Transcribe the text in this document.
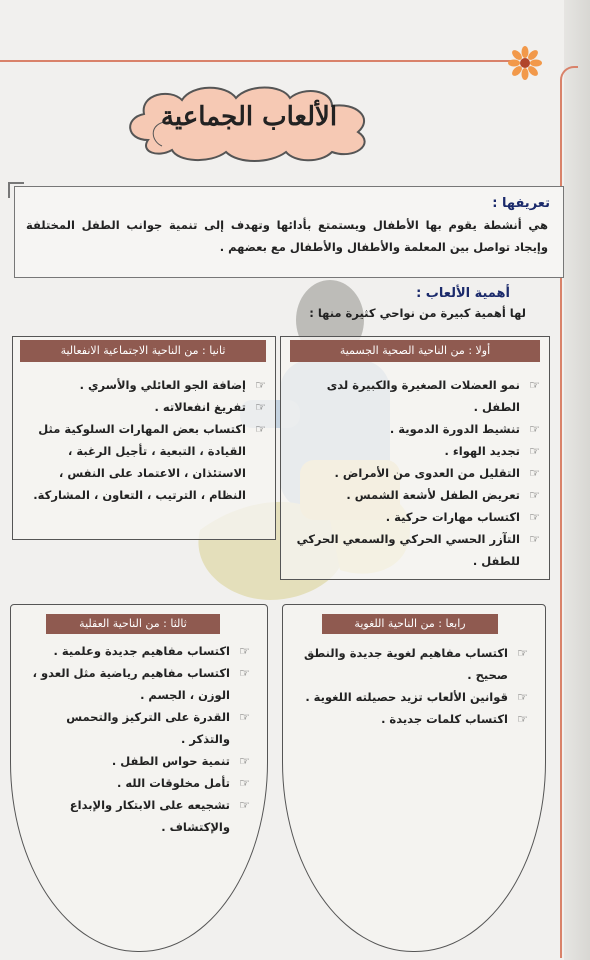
الألعاب الجماعية
تعريفها :
هي أنشطة يقوم بها الأطفال ويستمتع بأدائها وتهدف إلى تنمية جوانب الطفل المختلفة وإيجاد تواصل بين المعلمة والأطفال والأطفال مع بعضهم .
أهمية الألعاب :
لها أهمية كبيرة من نواحي كثيرة منها :
أولا : من الناحية الصحية الجسمية
☞
نمو العضلات الصغيرة والكبيرة لدى الطفل .
☞
تنشيط الدورة الدموية .
☞
تجديد الهواء .
☞
التقليل من العدوى من الأمراض .
☞
تعريض الطفل لأشعة الشمس .
☞
اكتساب مهارات حركية .
☞
التآزر الحسي الحركي والسمعي الحركي للطفل .
ثانيا : من الناحية الاجتماعية الانفعالية
☞
إضافة الجو العائلي والأسري .
☞
تفريغ انفعالاته .
☞
اكتساب بعض المهارات السلوكية مثل القيادة ، التبعية ، تأجيل الرغبة ، الاستئذان ، الاعتماد على النفس ، النظام ، الترتيب ، التعاون ، المشاركة.
رابعا : من الناحية اللغوية
☞
اكتساب مفاهيم لغوية جديدة والنطق صحيح .
☞
قوانين الألعاب تزيد حصيلته اللغوية .
☞
اكتساب كلمات جديدة .
ثالثا : من الناحية العقلية
☞
اكتساب مفاهيم جديدة وعلمية .
☞
اكتساب مفاهيم رياضية مثل العدو ، الوزن ، الجسم .
☞
القدرة على التركيز والتحمس والتذكر .
☞
تنمية حواس الطفل .
☞
تأمل مخلوقات الله .
☞
تشجيعه على الابتكار والإبداع والإكتشاف .
